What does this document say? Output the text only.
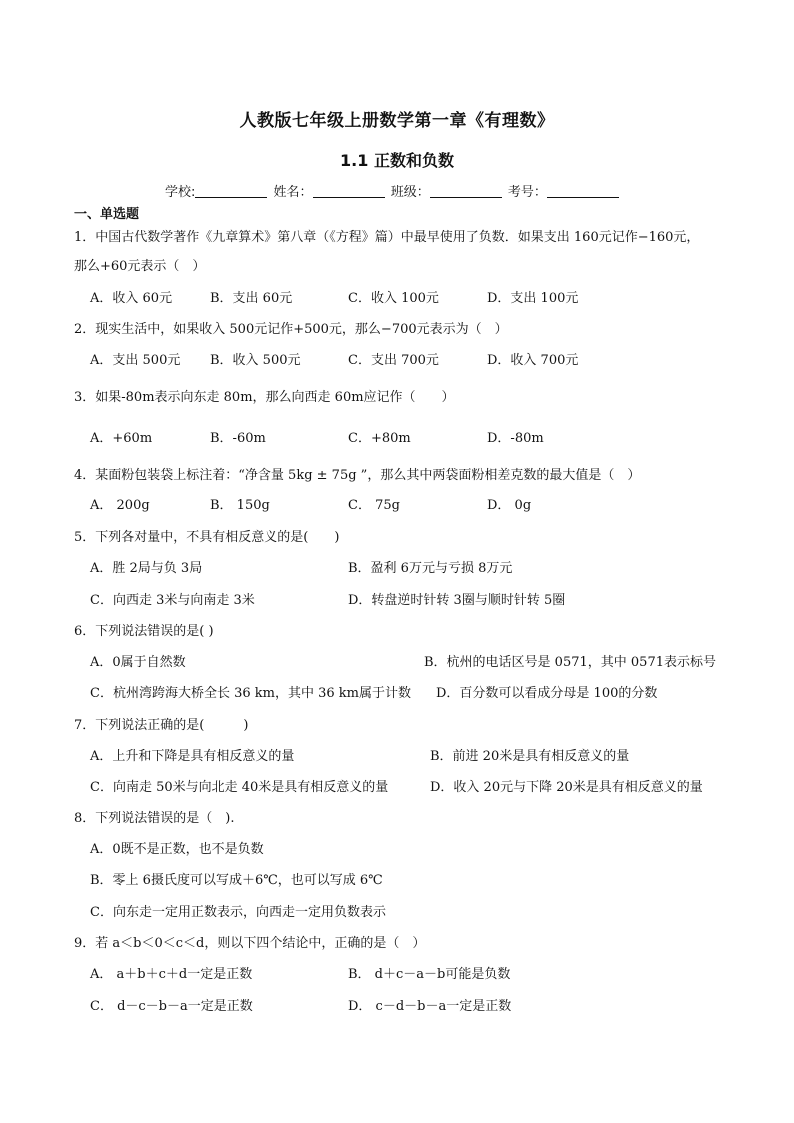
人教版七年级上册数学第一章《有理数》
1.1 正数和负数
学校:	姓名：	班级：	考号：
一、单选题
1．中国古代数学著作《九章算术》第八章（《方程》篇）中最早使用了负数．如果支出 160元记作−160元，
那么+60元表示（　）
A．收入 60元	B．支出 60元	C．收入 100元	D．支出 100元
2．现实生活中，如果收入 500元记作+500元，那么−700元表示为（　）
A．支出 500元 B．收入 500元	C．支出 700元	D．收入 700元
3．如果-80m表示向东走 80m，那么向西走 60m应记作（　　）
A．+60m	B．-60m	C．+80m	D．-80m
4．某面粉包装袋上标注着：“净含量 5kg ± 75g ”，那么其中两袋面粉相差克数的最大值是（　）
A． 200g	B． 150g	C． 75g	D． 0g
5．下列各对量中，不具有相反意义的是(　　)
A．胜 2局与负 3局	B．盈利 6万元与亏损 8万元
C．向西走 3米与向南走 3米	D．转盘逆时针转 3圈与顺时针转 5圈
6．下列说法错误的是( )
A．0属于自然数	B．杭州的电话区号是 0571，其中 0571表示标号
C．杭州湾跨海大桥全长 36 km，其中 36 km属于计数 D．百分数可以看成分母是 100的分数
7．下列说法正确的是(　　　)
A．上升和下降是具有相反意义的量	B．前进 20米是具有相反意义的量
C．向南走 50米与向北走 40米是具有相反意义的量	D．收入 20元与下降 20米是具有相反意义的量
8．下列说法错误的是（　).
A．0既不是正数，也不是负数
B．零上 6摄氏度可以写成＋6℃，也可以写成 6℃
C．向东走一定用正数表示，向西走一定用负数表示
9．若 a＜b＜0＜c＜d，则以下四个结论中，正确的是（　）
A． a＋b＋c＋d一定是正数	B． d＋c－a－b可能是负数
C． d－c－b－a一定是正数	D． c－d－b－a一定是正数
